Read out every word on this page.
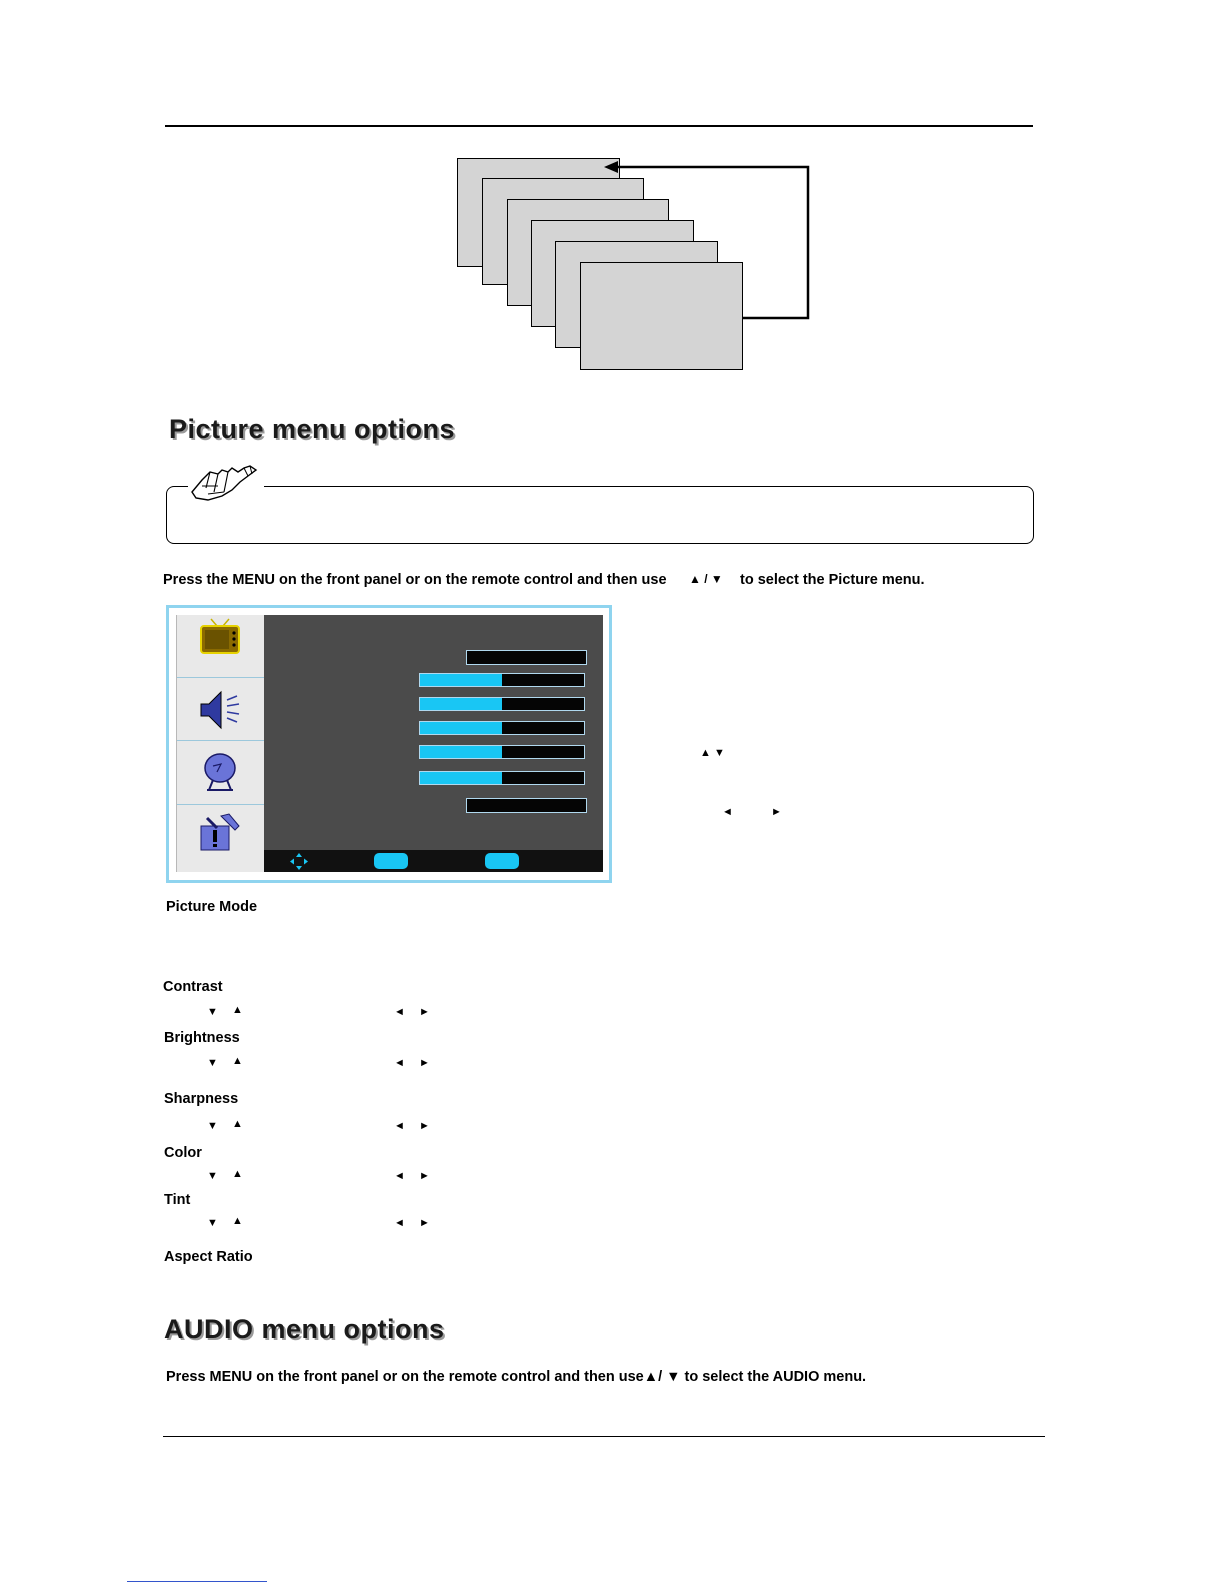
Picture menu options
Press the MENU on the front panel or on the remote control and then use ▲ / ▼ to select the Picture menu.
▲ ▼
◄	►
Picture Mode
Contrast
▼ ▲	◄ ►
Brightness
▼ ▲	◄ ►
Sharpness
▼ ▲	◄ ►
Color
▼ ▲	◄ ►
Tint
▼ ▲	◄ ►
Aspect Ratio
AUDIO menu options
Press MENU on the front panel or on the remote control and then use▲/ ▼ to select the AUDIO menu.
